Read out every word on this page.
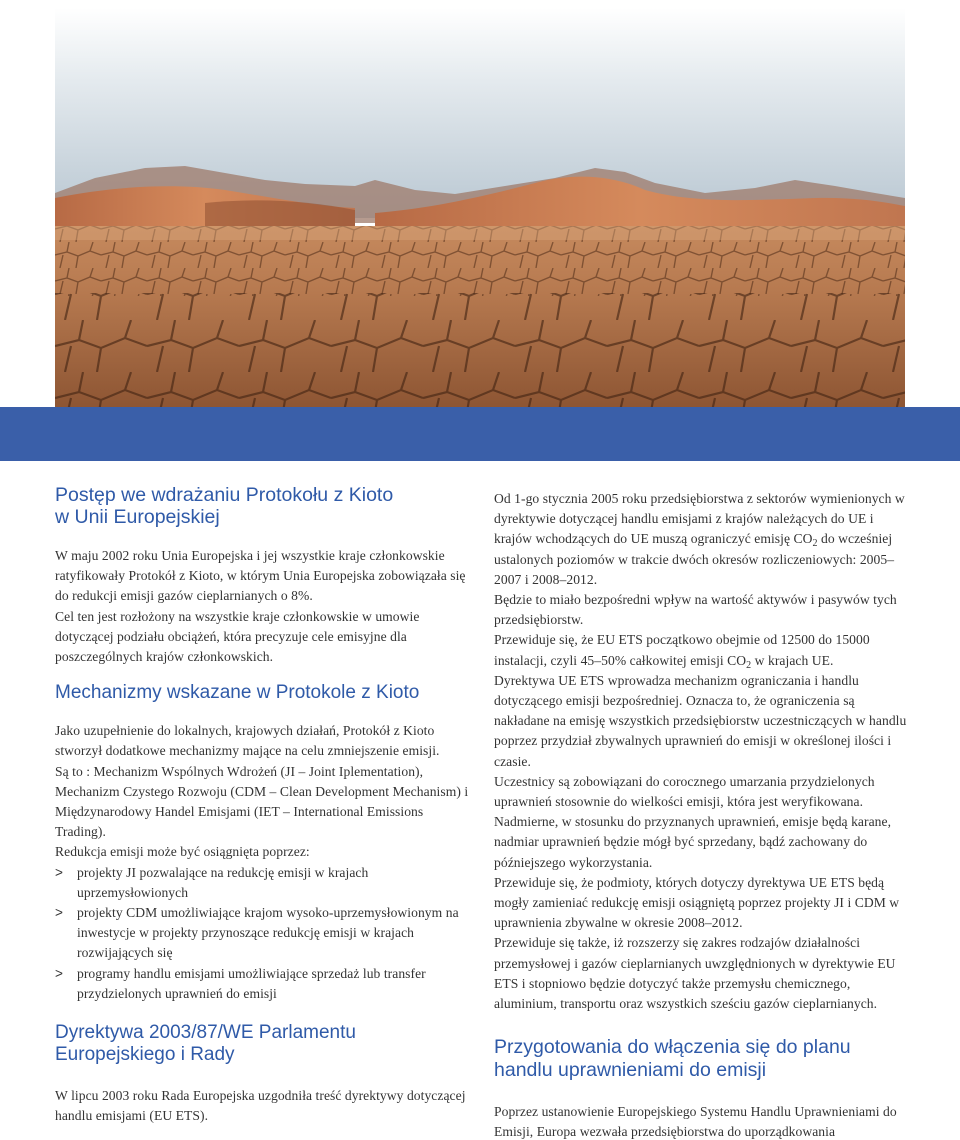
Postęp we wdrażaniu Protokołu z Kioto
w Unii Europejskiej

W maju 2002 roku Unia Europejska i jej wszystkie kraje członkowskie ratyfikowały Protokół z Kioto, w którym Unia Europejska zobowiązała się do redukcji emisji gazów cieplarnianych o 8%.

Cel ten jest rozłożony na wszystkie kraje członkowskie w umowie dotyczącej podziału obciążeń, która precyzuje cele emisyjne dla poszczególnych krajów członkowskich.

Mechanizmy wskazane w Protokole z Kioto

Jako uzupełnienie do lokalnych, krajowych działań, Protokół z Kioto stworzył dodatkowe mechanizmy mające na celu zmniejszenie emisji.

Są to : Mechanizm Wspólnych Wdrożeń (JI – Joint Iplementation), Mechanizm Czystego Rozwoju (CDM – Clean Development Mechanism) i Międzynarodowy Handel Emisjami (IET – International Emissions Trading).

Redukcja emisji może być osiągnięta poprzez:

> projekty JI pozwalające na redukcję emisji w krajach uprzemysłowionych
> projekty CDM umożliwiające krajom wysoko-uprzemysłowionym na inwestycje w projekty przynoszące redukcję emisji w krajach rozwijających się
> programy handlu emisjami umożliwiające sprzedaż lub transfer przydzielonych uprawnień do emisji
Dyrektywa 2003/87/WE Parlamentu
Europejskiego i Rady

W lipcu 2003 roku Rada Europejska uzgodniła treść dyrektywy dotyczącej handlu emisjami (EU ETS).

Od 1-go stycznia 2005 roku przedsiębiorstwa z sektorów wymienionych w dyrektywie dotyczącej handlu emisjami z krajów należących do UE i krajów wchodzących do UE muszą ograniczyć emisję $CO_2$ do wcześniej ustalonych poziomów w trakcie dwóch okresów rozliczeniowych: 2005–2007 i 2008–2012.

Będzie to miało bezpośredni wpływ na wartość aktywów i pasywów tych przedsiębiorstw.

Przewiduje się, że EU ETS początkowo obejmie od 12500 do 15000 instalacji, czyli 45–50% całkowitej emisji $CO_2$ w krajach UE.

Dyrektywa UE ETS wprowadza mechanizm ograniczania i handlu dotyczącego emisji bezpośredniej. Oznacza to, że ograniczenia są nakładane na emisję wszystkich przedsiębiorstw uczestniczących w handlu poprzez przydział zbywalnych uprawnień do emisji w określonej ilości i czasie.

Uczestnicy są zobowiązani do corocznego umarzania przydzielonych uprawnień stosownie do wielkości emisji, która jest weryfikowana.

Nadmierne, w stosunku do przyznanych uprawnień, emisje będą karane, nadmiar uprawnień będzie mógł być sprzedany, bądź zachowany do późniejszego wykorzystania.

Przewiduje się, że podmioty, których dotyczy dyrektywa UE ETS będą mogły zamieniać redukcję emisji osiągniętą poprzez projekty JI i CDM w uprawnienia zbywalne w okresie 2008–2012.

Przewiduje się także, iż rozszerzy się zakres rodzajów działalności przemysłowej i gazów cieplarnianych uwzględnionych w dyrektywie EU ETS i stopniowo będzie dotyczyć także przemysłu chemicznego, aluminium, transportu oraz wszystkich sześciu gazów cieplarnianych.

Przygotowania do włączenia się do planu
handlu uprawnieniami do emisji

Poprzez ustanowienie Europejskiego Systemu Handlu Uprawnieniami do Emisji, Europa wezwała przedsiębiorstwa do uporządkowania
